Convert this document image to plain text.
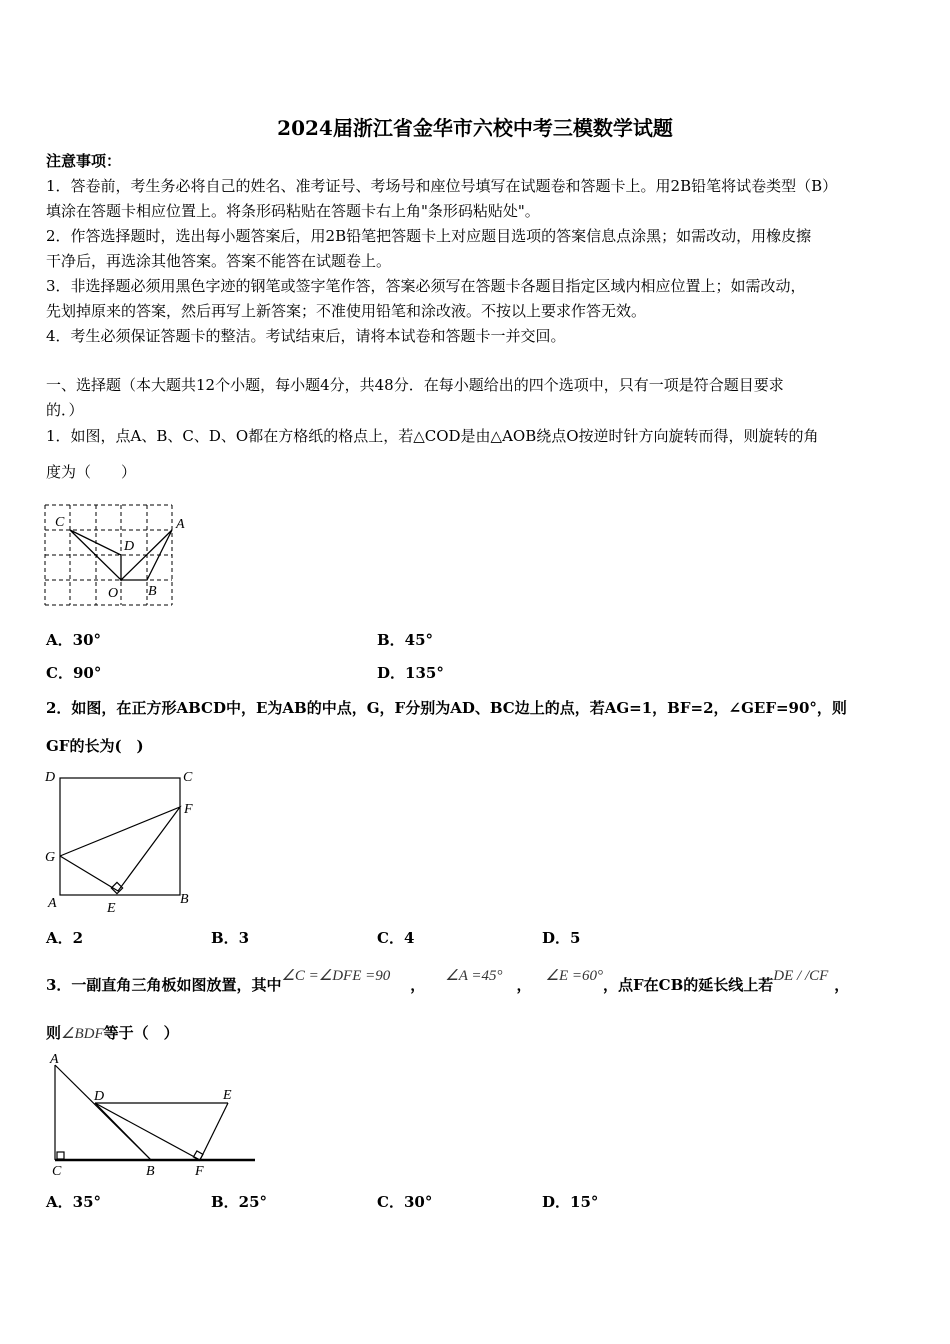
2024届浙江省金华市六校中考三模数学试题
注意事项：
1．答卷前，考生务必将自己的姓名、准考证号、考场号和座位号填写在试题卷和答题卡上。用2B铅笔将试卷类型（B）
填涂在答题卡相应位置上。将条形码粘贴在答题卡右上角"条形码粘贴处"。
2．作答选择题时，选出每小题答案后，用2B铅笔把答题卡上对应题目选项的答案信息点涂黑；如需改动，用橡皮擦
干净后，再选涂其他答案。答案不能答在试题卷上。
3．非选择题必须用黑色字迹的钢笔或签字笔作答，答案必须写在答题卡各题目指定区域内相应位置上；如需改动，
先划掉原来的答案，然后再写上新答案；不准使用铅笔和涂改液。不按以上要求作答无效。
4．考生必须保证答题卡的整洁。考试结束后，请将本试卷和答题卡一并交回。
一、选择题（本大题共12个小题，每小题4分，共48分．在每小题给出的四个选项中，只有一项是符合题目要求
的．）
1．如图，点A、B、C、D、O都在方格纸的格点上，若△COD是由△AOB绕点O按逆时针方向旋转而得，则旋转的角
度为（　　）
C
D
A
O B
A．30°	B．45°
C．90°	D．135°
2．如图，在正方形ABCD中，E为AB的中点，G，F分别为AD、BC边上的点，若AG=1，BF=2，∠GEF=90°，则
GF的长为(　)
D	C
F
G
A	E
B
A．2	B．3	C．4	D．5
3．一副直角三角板如图放置，其中∠C =∠DFE =90 ， ∠A =45° ， ∠E =60°，点F在CB的延长线上若DE / /CF ，
则∠BDF等于（　）
A
D	E
C	B	F
A．35°	B．25°	C．30°	D．15°
